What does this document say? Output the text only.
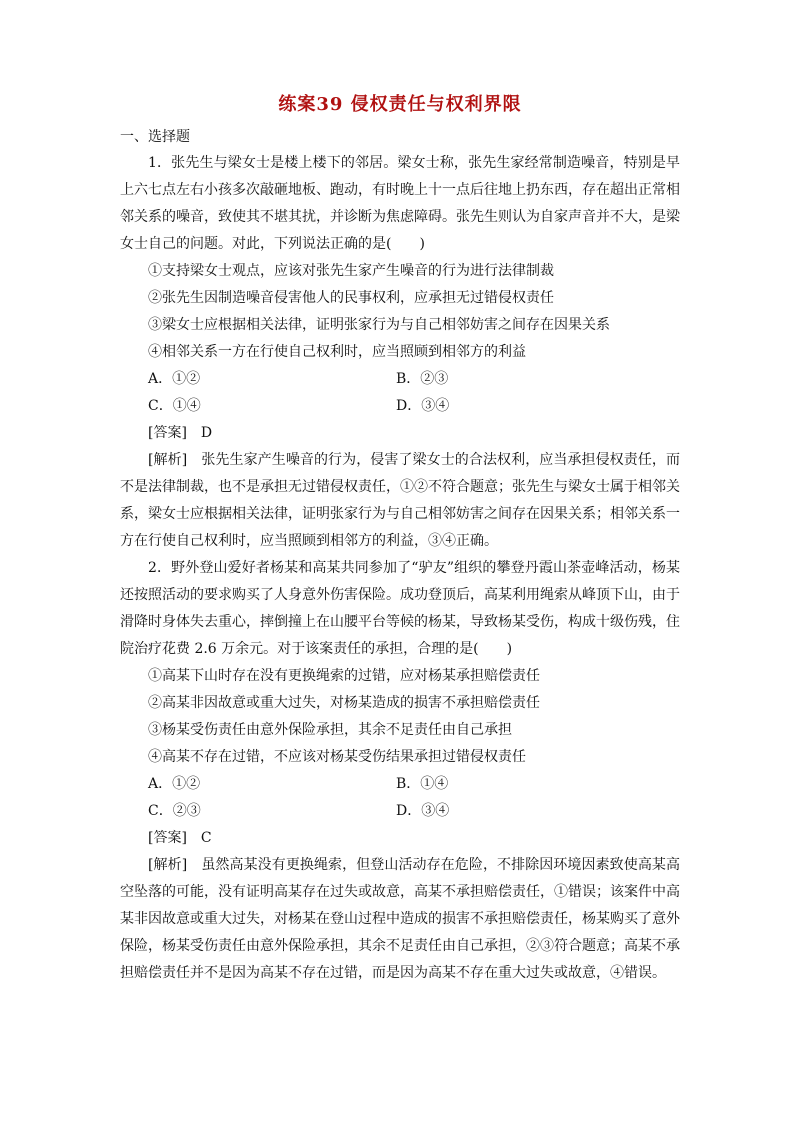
练案39 侵权责任与权利界限

一、选择题

1．张先生与梁女士是楼上楼下的邻居。梁女士称，张先生家经常制造噪音，特别是早上六七点左右小孩多次敲砸地板、跑动，有时晚上十一点后往地上扔东西，存在超出正常相邻关系的噪音，致使其不堪其扰，并诊断为焦虑障碍。张先生则认为自家声音并不大，是梁女士自己的问题。对此，下列说法正确的是(　　)

①支持梁女士观点，应该对张先生家产生噪音的行为进行法律制裁

②张先生因制造噪音侵害他人的民事权利，应承担无过错侵权责任

③梁女士应根据相关法律，证明张家行为与自己相邻妨害之间存在因果关系

④相邻关系一方在行使自己权利时，应当照顾到相邻方的利益

A．①②	B．②③
C．①④	D．③④

[答案]　D

[解析]　张先生家产生噪音的行为，侵害了梁女士的合法权利，应当承担侵权责任，而不是法律制裁，也不是承担无过错侵权责任，①②不符合题意；张先生与梁女士属于相邻关系，梁女士应根据相关法律，证明张家行为与自己相邻妨害之间存在因果关系；相邻关系一方在行使自己权利时，应当照顾到相邻方的利益，③④正确。

2．野外登山爱好者杨某和高某共同参加了“驴友”组织的攀登丹霞山茶壶峰活动，杨某还按照活动的要求购买了人身意外伤害保险。成功登顶后，高某利用绳索从峰顶下山，由于滑降时身体失去重心，摔倒撞上在山腰平台等候的杨某，导致杨某受伤，构成十级伤残，住院治疗花费 2.6 万余元。对于该案责任的承担，合理的是(　　)

①高某下山时存在没有更换绳索的过错，应对杨某承担赔偿责任

②高某非因故意或重大过失，对杨某造成的损害不承担赔偿责任

③杨某受伤责任由意外保险承担，其余不足责任由自己承担

④高某不存在过错，不应该对杨某受伤结果承担过错侵权责任

A．①②	B．①④
C．②③	D．③④

[答案]　C

[解析]　虽然高某没有更换绳索，但登山活动存在危险，不排除因环境因素致使高某高空坠落的可能，没有证明高某存在过失或故意，高某不承担赔偿责任，①错误；该案件中高某非因故意或重大过失，对杨某在登山过程中造成的损害不承担赔偿责任，杨某购买了意外保险，杨某受伤责任由意外保险承担，其余不足责任由自己承担，②③符合题意；高某不承担赔偿责任并不是因为高某不存在过错，而是因为高某不存在重大过失或故意，④错误。
